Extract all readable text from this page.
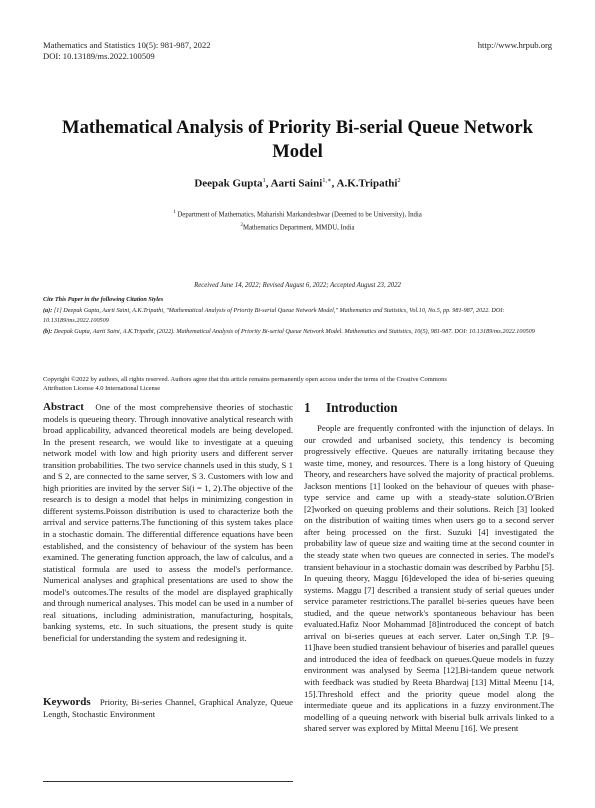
Mathematics and Statistics 10(5): 981-987, 2022
DOI: 10.13189/ms.2022.100509
http://www.hrpub.org
Mathematical Analysis of Priority Bi-serial Queue Network Model
Deepak Gupta$^1$, Aarti Saini$^{1,∗}$, A.K.Tripathi$^2$
$^1$ Department of Mathematics, Maharishi Markandeshwar (Deemed to be University), India
$^2$Mathematics Department, MMDU, India
Received June 14, 2022; Revised August 6, 2022; Accepted August 23, 2022
Cite This Paper in the following Citation Styles
(a): [1] Deepak Gupta, Aarti Saini, A.K.Tripathi, "Mathematical Analysis of Priority Bi-serial Queue Network Model," Mathematics and Statistics, Vol.10, No.5, pp. 981-987, 2022. DOI: 10.13189/ms.2022.100509
(b): Deepak Gupta, Aarti Saini, A.K.Tripathi, (2022). Mathematical Analysis of Priority Bi-serial Queue Network Model. Mathematics and Statistics, 10(5), 981-987. DOI: 10.13189/ms.2022.100509
Copyright ©2022 by authors, all rights reserved. Authors agree that this article remains permanently open access under the terms of the Creative Commons Attribution License 4.0 International License
Abstract One of the most comprehensive theories of stochastic models is queueing theory. Through innovative analytical research with broad applicability, advanced theoretical models are being developed. In the present research, we would like to investigate at a queuing network model with low and high priority users and different server transition probabilities. The two service channels used in this study, S 1 and S 2, are connected to the same server, S 3. Customers with low and high priorities are invited by the server Si(i = 1, 2).The objective of the research is to design a model that helps in minimizing congestion in different systems.Poisson distribution is used to characterize both the arrival and service patterns.The functioning of this system takes place in a stochastic domain. The differential difference equations have been established, and the consistency of behaviour of the system has been examined. The generating function approach, the law of calculus, and a statistical formula are used to assess the model's performance. Numerical analyses and graphical presentations are used to show the model's outcomes.The results of the model are displayed graphically and through numerical analyses. This model can be used in a number of real situations, including administration, manufacturing, hospitals, banking systems, etc. In such situations, the present study is quite beneficial for understanding the system and redesigning it.
Keywords Priority, Bi-series Channel, Graphical Analyze, Queue Length, Stochastic Environment
1 Introduction
People are frequently confronted with the injunction of delays. In our crowded and urbanised society, this tendency is becoming progressively effective. Queues are naturally irritating because they waste time, money, and resources. There is a long history of Queuing Theory, and researchers have solved the majority of practical problems. Jackson mentions [1] looked on the behaviour of queues with phase-type service and came up with a steady-state solution.O'Brien [2]worked on queuing problems and their solutions. Reich [3] looked on the distribution of waiting times when users go to a second server after being processed on the first. Suzuki [4] investigated the probability law of queue size and waiting time at the second counter in the steady state when two queues are connected in series. The model's transient behaviour in a stochastic domain was described by Parbhu [5]. In queuing theory, Maggu [6]developed the idea of bi-series queuing systems. Maggu [7] described a transient study of serial queues under service parameter restrictions.The parallel bi-series queues have been studied, and the queue network's spontaneous behaviour has been evaluated.Hafiz Noor Mohammad [8]introduced the concept of batch arrival on bi-series queues at each server. Later on,Singh T.P. [9–11]have been studied transient behaviour of biseries and parallel queues and introduced the idea of feedback on queues.Queue models in fuzzy environment was analysed by Seema [12].Bi-tandem queue network with feedback was studied by Reeta Bhardwaj [13] Mittal Meenu [14, 15].Threshold effect and the priority queue model along the intermediate queue and its applications in a fuzzy environment.The modelling of a queuing network with biserial bulk arrivals linked to a shared server was explored by Mittal Meenu [16]. We present
